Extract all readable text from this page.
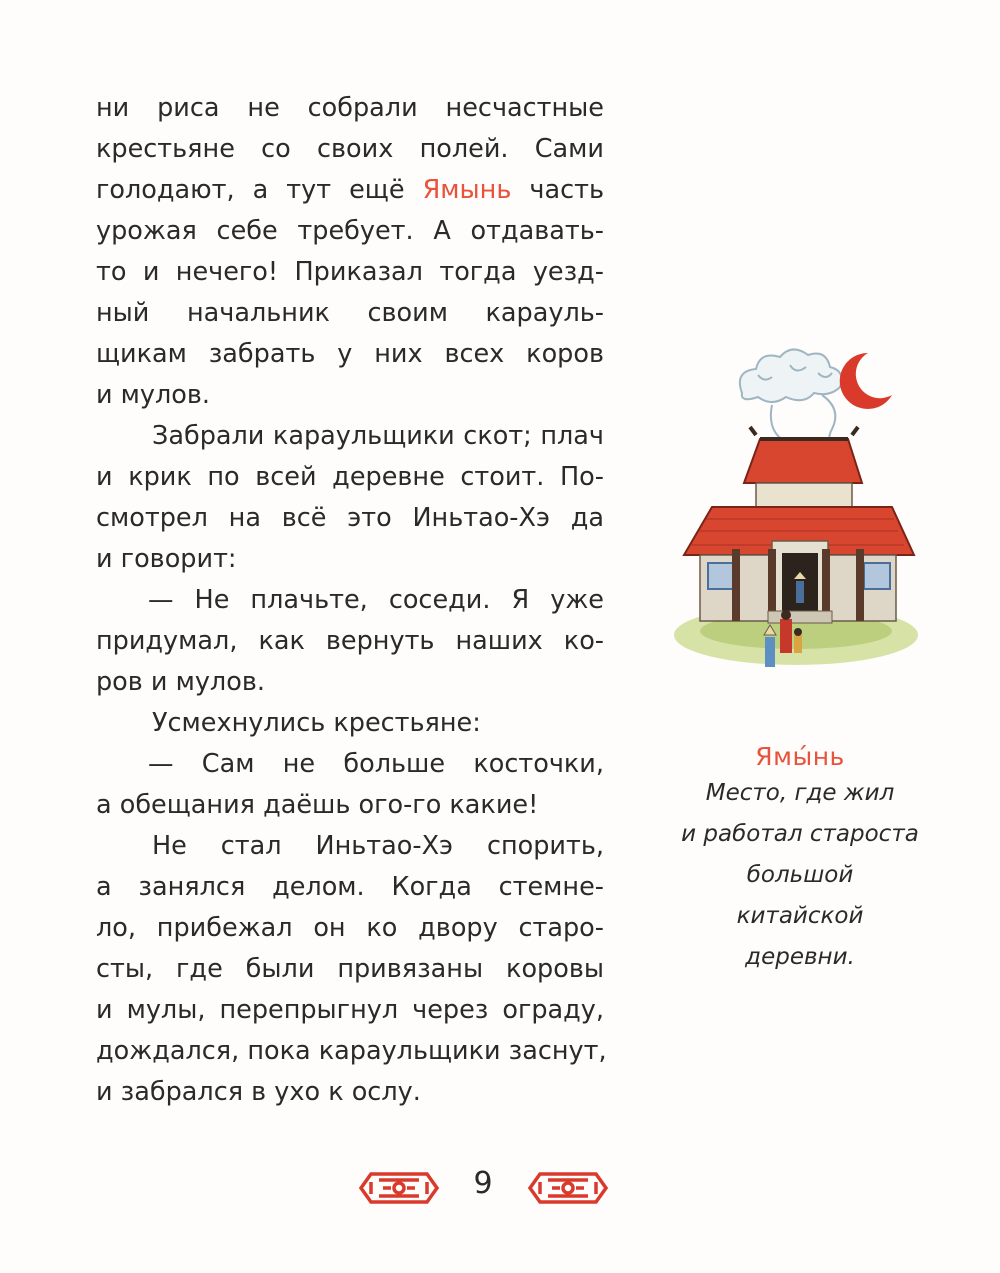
ни риса не собрали несчастные
крестьяне со своих полей. Сами
голодают, а тут ещё Ямынь часть
урожая себе требует. А отдавать-
то и нечего! Приказал тогда уезд-
ный начальник своим карауль-
щикам забрать у них всех коров
и мулов.
Забрали караульщики скот; плач
и крик по всей деревне стоит. По-
смотрел на всё это Иньтао-Хэ да
и говорит:
— Не плачьте, соседи. Я уже
придумал, как вернуть наших ко-
ров и мулов.
Усмехнулись крестьяне:
— Сам не больше косточки,
а обещания даёшь ого-го какие!
Не стал Иньтао-Хэ спорить,
а занялся делом. Когда стемне-
ло, прибежал он ко двору старо-
сты, где были привязаны коровы
и мулы, перепрыгнул через ограду,
дождался, пока караульщики заснут,
и забрался в ухо к ослу.
Ямы́нь
Место, где жил
и работал староста
большой китайской
деревни.
9
